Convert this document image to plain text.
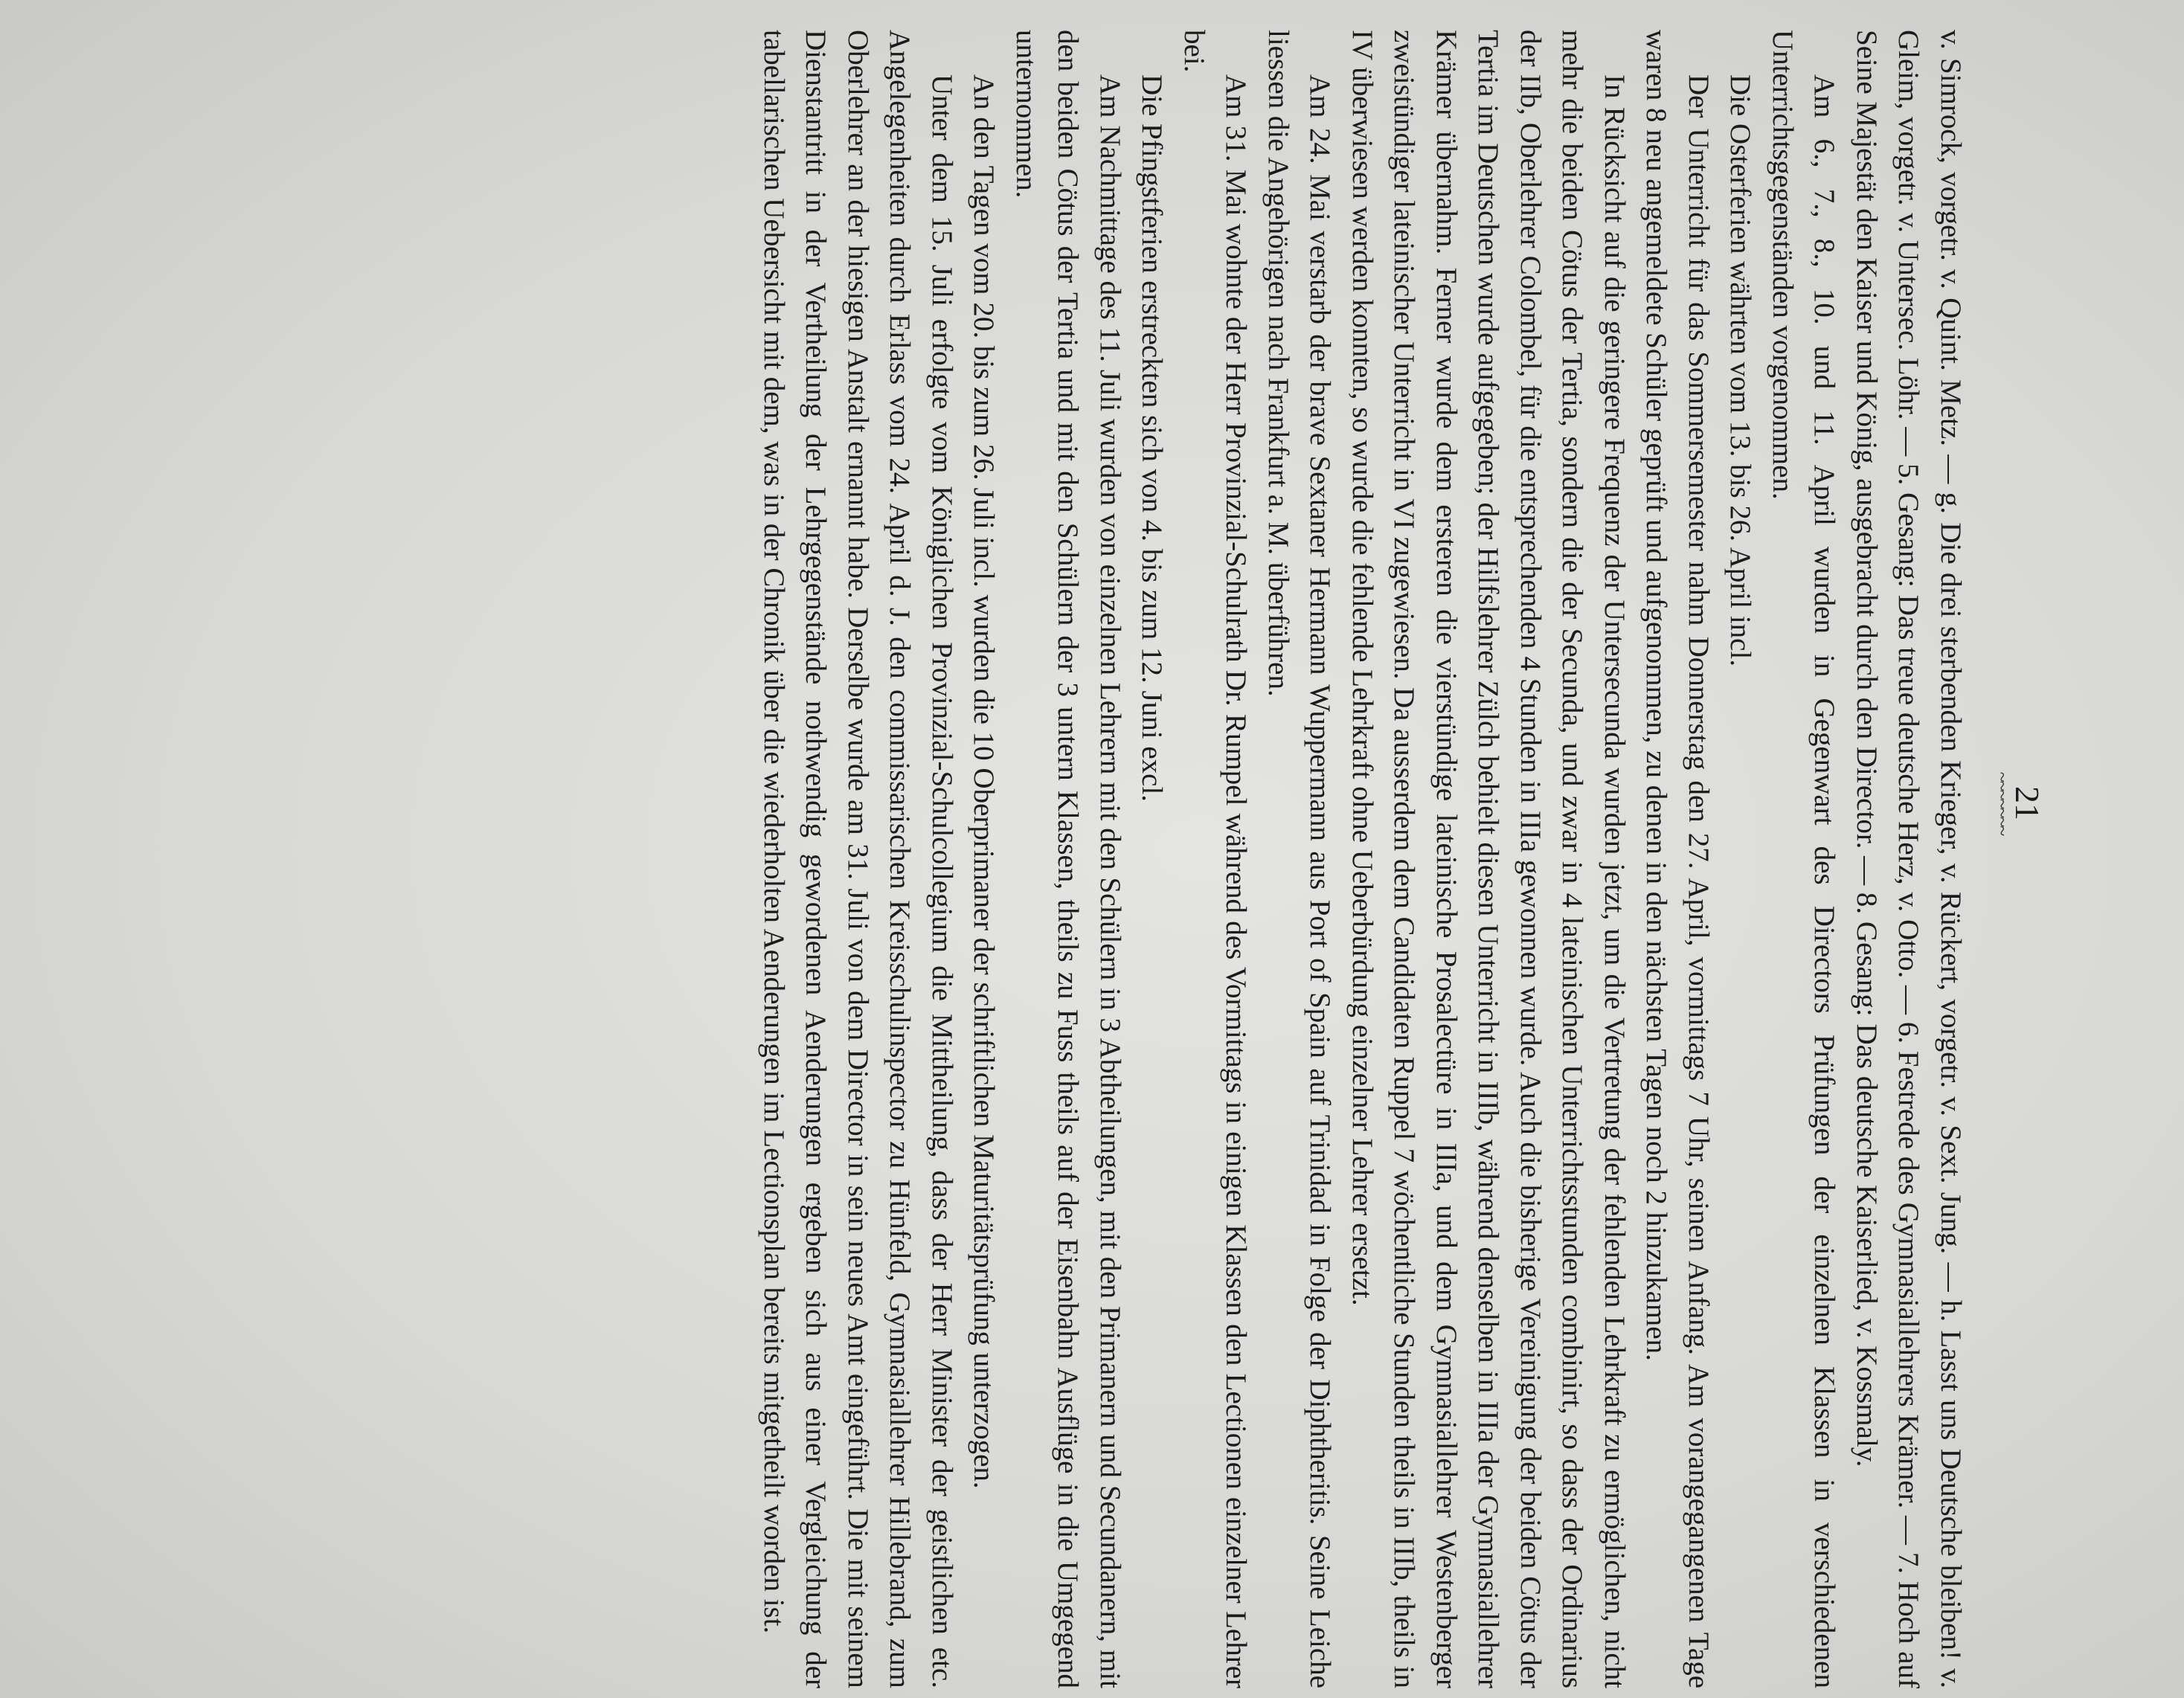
21
~~~~~~~

v. Simrock, vorgetr. v. Quint. Metz. — g. Die drei sterbenden Krieger, v. Rückert, vorgetr. v. Sext. Jung. — h. Lasst uns Deutsche bleiben! v. Gleim, vorgetr. v. Untersec. Löhr. — 5. Gesang: Das treue deutsche Herz, v. Otto. — 6. Festrede des Gymnasiallehrers Krämer. — 7. Hoch auf Seine Majestät den Kaiser und König, ausgebracht durch den Director. — 8. Gesang: Das deutsche Kaiserlied, v. Kossmaly.

Am 6., 7., 8., 10. und 11. April wurden in Gegenwart des Directors Prüfungen der einzelnen Klassen in verschiedenen Unterrichtsgegenständen vorgenommen.

Die Osterferien währten vom 13. bis 26. April incl.

Der Unterricht für das Sommersemester nahm Donnerstag den 27. April, vormittags 7 Uhr, seinen Anfang. Am vorangegangenen Tage waren 8 neu angemeldete Schüler geprüft und aufgenommen, zu denen in den nächsten Tagen noch 2 hinzukamen.

In Rücksicht auf die geringere Frequenz der Untersecunda wurden jetzt, um die Vertretung der fehlenden Lehrkraft zu ermöglichen, nicht mehr die beiden Cötus der Tertia, sondern die der Secunda, und zwar in 4 lateinischen Unterrichtsstunden combinirt, so dass der Ordinarius der IIb, Oberlehrer Colombel, für die entsprechenden 4 Stunden in IIIa gewonnen wurde. Auch die bisherige Vereinigung der beiden Cötus der Tertia im Deutschen wurde aufgegeben; der Hilfslehrer Zülch behielt diesen Unterricht in IIIb, während denselben in IIIa der Gymnasiallehrer Krämer übernahm. Ferner wurde dem ersteren die vierstündige lateinische Prosalectüre in IIIa, und dem Gymnasiallehrer Westenberger zweistündiger lateinischer Unterricht in VI zugewiesen. Da ausserdem dem Candidaten Ruppel 7 wöchentliche Stunden theils in IIIb, theils in IV überwiesen werden konnten, so wurde die fehlende Lehrkraft ohne Ueberbürdung einzelner Lehrer ersetzt.

Am 24. Mai verstarb der brave Sextaner Hermann Wuppermann aus Port of Spain auf Trinidad in Folge der Diphtheritis. Seine Leiche liessen die Angehörigen nach Frankfurt a. M. überführen.

Am 31. Mai wohnte der Herr Provinzial-Schulrath Dr. Rumpel während des Vormittags in einigen Klassen den Lectionen einzelner Lehrer bei.

Die Pfingstferien erstreckten sich von 4. bis zum 12. Juni excl.

Am Nachmittage des 11. Juli wurden von einzelnen Lehrern mit den Schülern in 3 Abtheilungen, mit den Primanern und Secundanern, mit den beiden Cötus der Tertia und mit den Schülern der 3 untern Klassen, theils zu Fuss theils auf der Eisenbahn Ausflüge in die Umgegend unternommen.

An den Tagen vom 20. bis zum 26. Juli incl. wurden die 10 Oberprimaner der schriftlichen Maturitätsprüfung unterzogen.

Unter dem 15. Juli erfolgte vom Königlichen Provinzial-Schulcollegium die Mittheilung, dass der Herr Minister der geistlichen etc. Angelegenheiten durch Erlass vom 24. April d. J. den commissarischen Kreisschulinspector zu Hünfeld, Gymnasiallehrer Hillebrand, zum Oberlehrer an der hiesigen Anstalt ernannt habe. Derselbe wurde am 31. Juli von dem Director in sein neues Amt eingeführt. Die mit seinem Dienstantritt in der Vertheilung der Lehrgegenstände nothwendig gewordenen Aenderungen ergeben sich aus einer Vergleichung der tabellarischen Uebersicht mit dem, was in der Chronik über die wiederholten Aenderungen im Lectionsplan bereits mitgetheilt worden ist.
